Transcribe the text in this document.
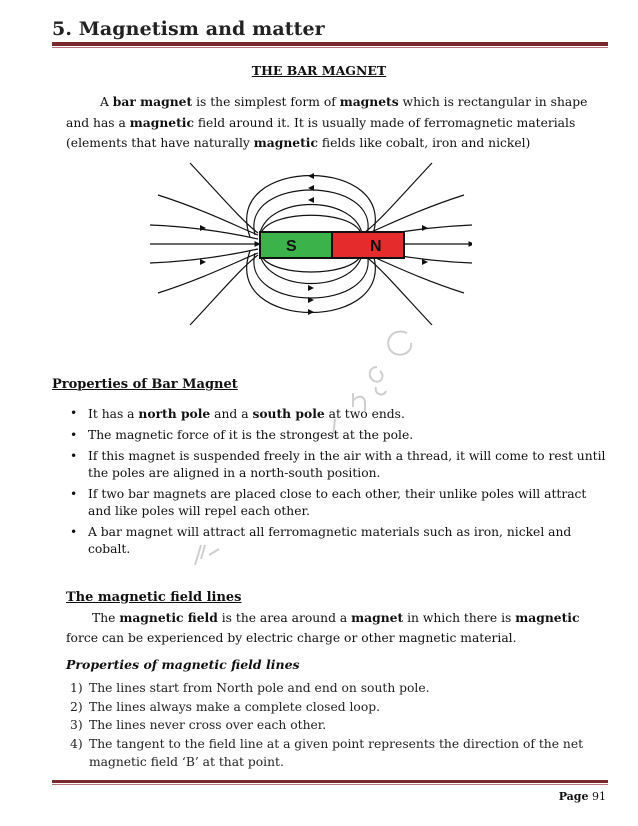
5. Magnetism and matter
THE BAR MAGNET
A bar magnet is the simplest form of magnets which is rectangular in shape and has a magnetic field around it. It is usually made of ferromagnetic materials (elements that have naturally magnetic fields like cobalt, iron and nickel)
S	N
Properties of Bar Magnet
• It has a north pole and a south pole at two ends.
• The magnetic force of it is the strongest at the pole.
• If this magnet is suspended freely in the air with a thread, it will come to rest until the poles are aligned in a north-south position.
• If two bar magnets are placed close to each other, their unlike poles will attract and like poles will repel each other.
• A bar magnet will attract all ferromagnetic materials such as iron, nickel and cobalt.
The magnetic field lines
The magnetic field is the area around a magnet in which there is magnetic force can be experienced by electric charge or other magnetic material.
Properties of magnetic field lines
1) The lines start from North pole and end on south pole.
2) The lines always make a complete closed loop.
3) The lines never cross over each other.
4) The tangent to the field line at a given point represents the direction of the net magnetic field ‘B’ at that point.
Page 91
